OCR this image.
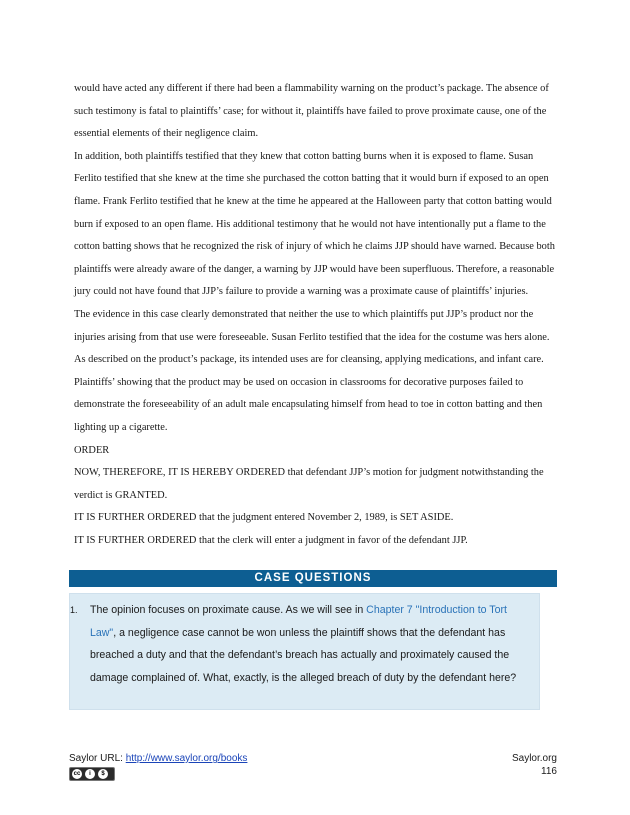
would have acted any different if there had been a flammability warning on the product’s package. The absence of such testimony is fatal to plaintiffs’ case; for without it, plaintiffs have failed to prove proximate cause, one of the essential elements of their negligence claim.

In addition, both plaintiffs testified that they knew that cotton batting burns when it is exposed to flame. Susan Ferlito testified that she knew at the time she purchased the cotton batting that it would burn if exposed to an open flame. Frank Ferlito testified that he knew at the time he appeared at the Halloween party that cotton batting would burn if exposed to an open flame. His additional testimony that he would not have intentionally put a flame to the cotton batting shows that he recognized the risk of injury of which he claims JJP should have warned. Because both plaintiffs were already aware of the danger, a warning by JJP would have been superfluous. Therefore, a reasonable jury could not have found that JJP’s failure to provide a warning was a proximate cause of plaintiffs’ injuries.

The evidence in this case clearly demonstrated that neither the use to which plaintiffs put JJP’s product nor the injuries arising from that use were foreseeable. Susan Ferlito testified that the idea for the costume was hers alone. As described on the product’s package, its intended uses are for cleansing, applying medications, and infant care. Plaintiffs’ showing that the product may be used on occasion in classrooms for decorative purposes failed to demonstrate the foreseeability of an adult male encapsulating himself from head to toe in cotton batting and then lighting up a cigarette.

ORDER

NOW, THEREFORE, IT IS HEREBY ORDERED that defendant JJP’s motion for judgment notwithstanding the verdict is GRANTED.

IT IS FURTHER ORDERED that the judgment entered November 2, 1989, is SET ASIDE.

IT IS FURTHER ORDERED that the clerk will enter a judgment in favor of the defendant JJP.

CASE QUESTIONS
1. The opinion focuses on proximate cause. As we will see in Chapter 7 "Introduction to Tort Law", a negligence case cannot be won unless the plaintiff shows that the defendant has breached a duty and that the defendant’s breach has actually and proximately caused the damage complained of. What, exactly, is the alleged breach of duty by the defendant here?
Saylor URL: http://www.saylor.org/books	Saylor.org
116
cc	i	$
